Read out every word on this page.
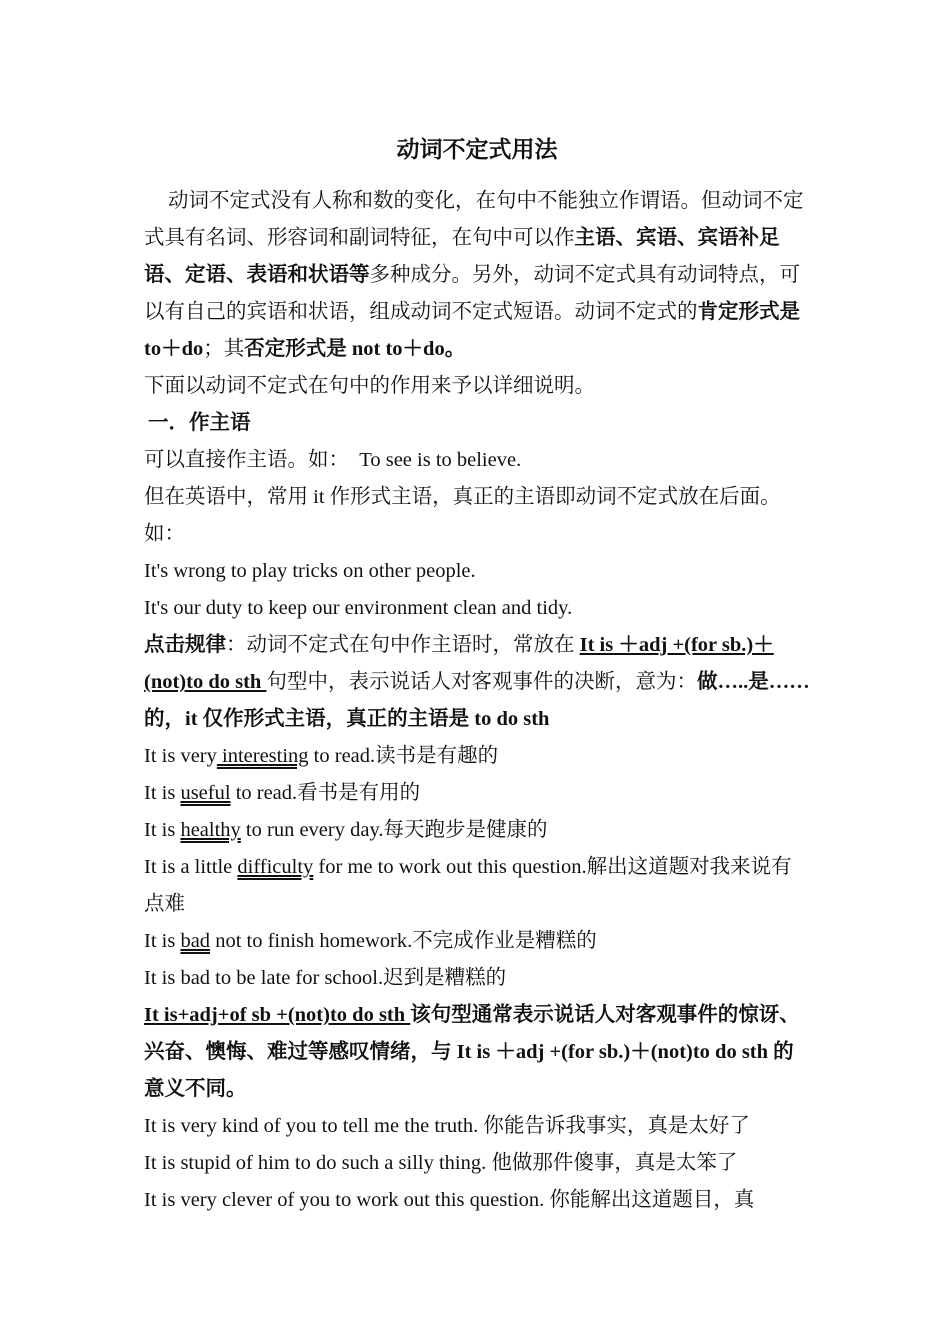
动词不定式用法

动词不定式没有人称和数的变化，在句中不能独立作谓语。但动词不定式具有名词、形容词和副词特征，在句中可以作主语、宾语、宾语补足语、定语、表语和状语等多种成分。另外，动词不定式具有动词特点，可以有自己的宾语和状语，组成动词不定式短语。动词不定式的肯定形式是 to＋do；其否定形式是 not to＋do。

下面以动词不定式在句中的作用来予以详细说明。

一．作主语

可以直接作主语。如：　To see is to believe.

但在英语中，常用 it 作形式主语，真正的主语即动词不定式放在后面。如：

It's wrong to play tricks on other people.

It's our duty to keep our environment clean and tidy.

点击规律：动词不定式在句中作主语时，常放在 It is ＋adj +(for sb.)＋(not)to do sth 句型中，表示说话人对客观事件的决断，意为：做…..是……的，it 仅作形式主语，真正的主语是 to do sth

It is very interesting to read.读书是有趣的

It is useful to read.看书是有用的

It is healthy to run every day.每天跑步是健康的

It is a little difficulty for me to work out this question.解出这道题对我来说有点难

It is bad not to finish homework.不完成作业是糟糕的

It is bad to be late for school.迟到是糟糕的

It is+adj+of sb +(not)to do sth 该句型通常表示说话人对客观事件的惊讶、兴奋、懊悔、难过等感叹情绪，与 It is ＋adj +(for sb.)＋(not)to do sth 的意义不同。

It is very kind of you to tell me the truth. 你能告诉我事实，真是太好了

It is stupid of him to do such a silly thing. 他做那件傻事，真是太笨了

It is very clever of you to work out this question. 你能解出这道题目，真
